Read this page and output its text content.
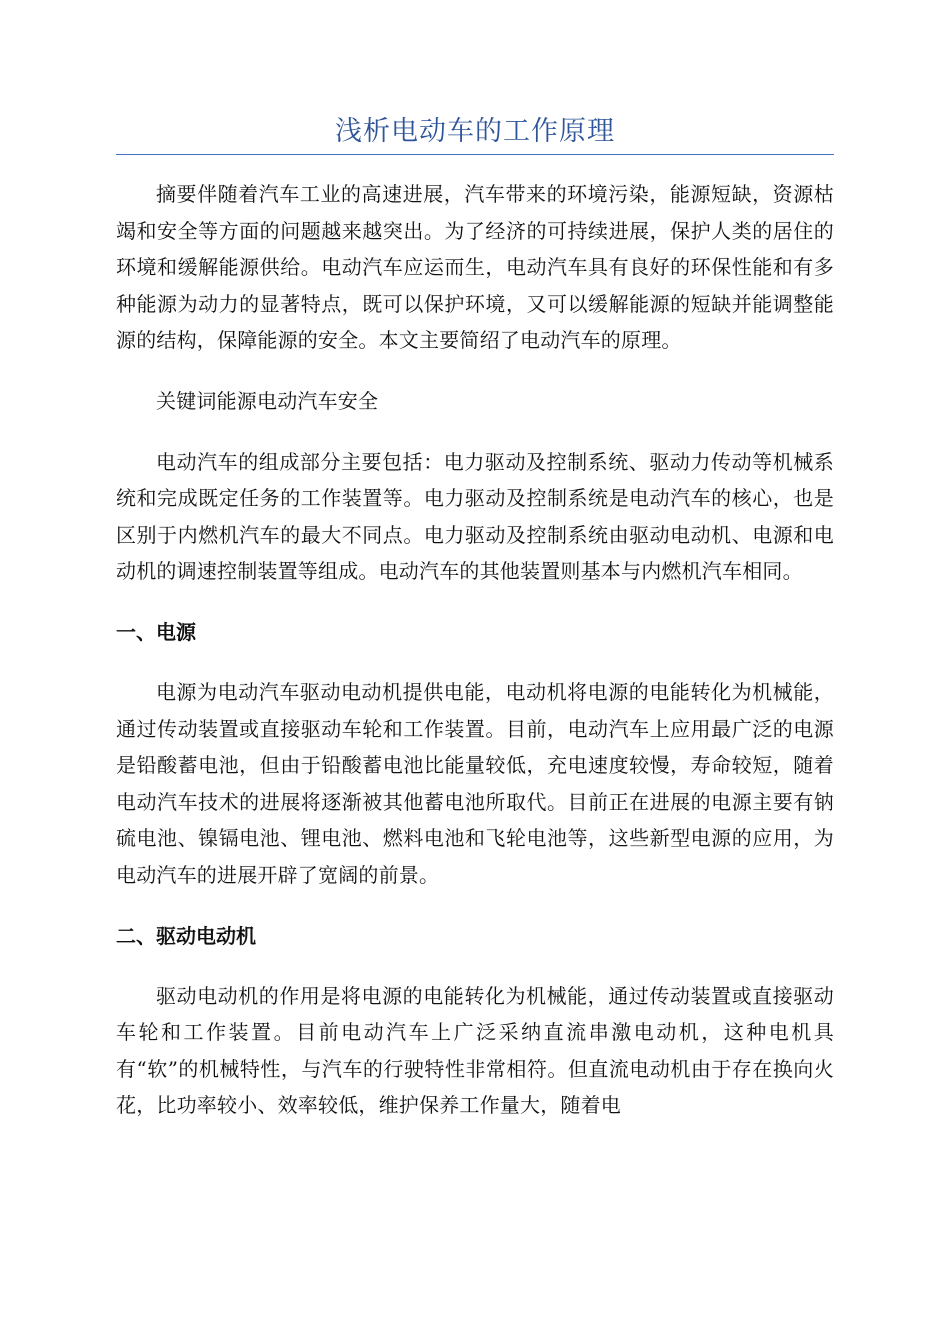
浅析电动车的工作原理

摘要伴随着汽车工业的高速进展，汽车带来的环境污染，能源短缺，资源枯竭和安全等方面的问题越来越突出。为了经济的可持续进展，保护人类的居住的环境和缓解能源供给。电动汽车应运而生，电动汽车具有良好的环保性能和有多种能源为动力的显著特点，既可以保护环境，又可以缓解能源的短缺并能调整能源的结构，保障能源的安全。本文主要简绍了电动汽车的原理。

关键词能源电动汽车安全

电动汽车的组成部分主要包括：电力驱动及控制系统、驱动力传动等机械系统和完成既定任务的工作装置等。电力驱动及控制系统是电动汽车的核心，也是区别于内燃机汽车的最大不同点。电力驱动及控制系统由驱动电动机、电源和电动机的调速控制装置等组成。电动汽车的其他装置则基本与内燃机汽车相同。

一、电源

电源为电动汽车驱动电动机提供电能，电动机将电源的电能转化为机械能，通过传动装置或直接驱动车轮和工作装置。目前，电动汽车上应用最广泛的电源是铅酸蓄电池，但由于铅酸蓄电池比能量较低，充电速度较慢，寿命较短，随着电动汽车技术的进展将逐渐被其他蓄电池所取代。目前正在进展的电源主要有钠硫电池、镍镉电池、锂电池、燃料电池和飞轮电池等，这些新型电源的应用，为电动汽车的进展开辟了宽阔的前景。

二、驱动电动机

驱动电动机的作用是将电源的电能转化为机械能，通过传动装置或直接驱动车轮和工作装置。目前电动汽车上广泛采纳直流串激电动机，这种电机具有“软”的机械特性，与汽车的行驶特性非常相符。但直流电动机由于存在换向火花，比功率较小、效率较低，维护保养工作量大，随着电
